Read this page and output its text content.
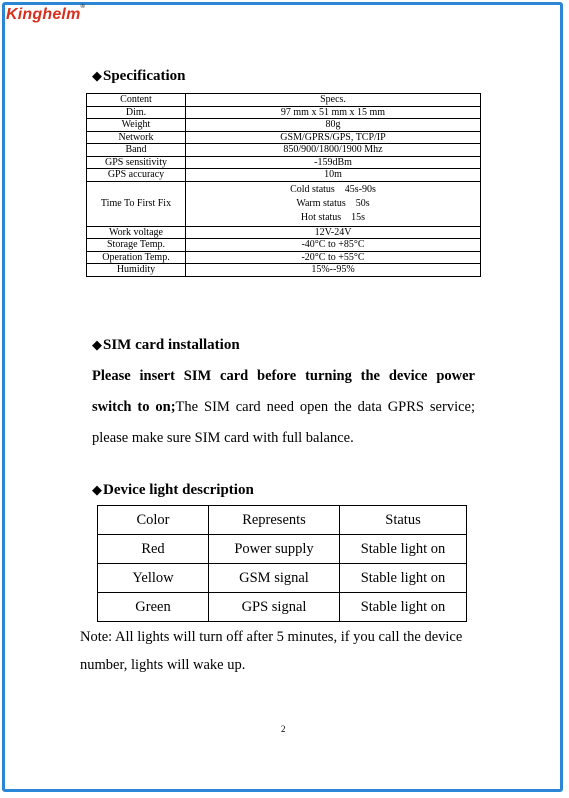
Kinghelm®
◆Specification
Content	Specs.
Dim.	97 mm x 51 mm x 15 mm
Weight	80g
Network	GSM/GPRS/GPS, TCP/IP
Band	850/900/1800/1900 Mhz
GPS sensitivity	-159dBm
GPS accuracy	10m
Time To First Fix	Cold status    45s-90s
Warm status    50s
Hot status    15s

Work voltage	12V-24V
Storage Temp.	-40°C to +85°C
Operation Temp.	-20°C to +55°C
Humidity	15%--95%
◆SIM card installation
Please insert SIM card before turning the device power switch to on;The SIM card need open the data GPRS service; please make sure SIM card with full balance.
◆Device light description
Color	Represents	Status
Red	Power supply	Stable light on
Yellow	GSM signal	Stable light on
Green	GPS signal	Stable light on
Note: All lights will turn off after 5 minutes, if you call the device number, lights will wake up.
2
